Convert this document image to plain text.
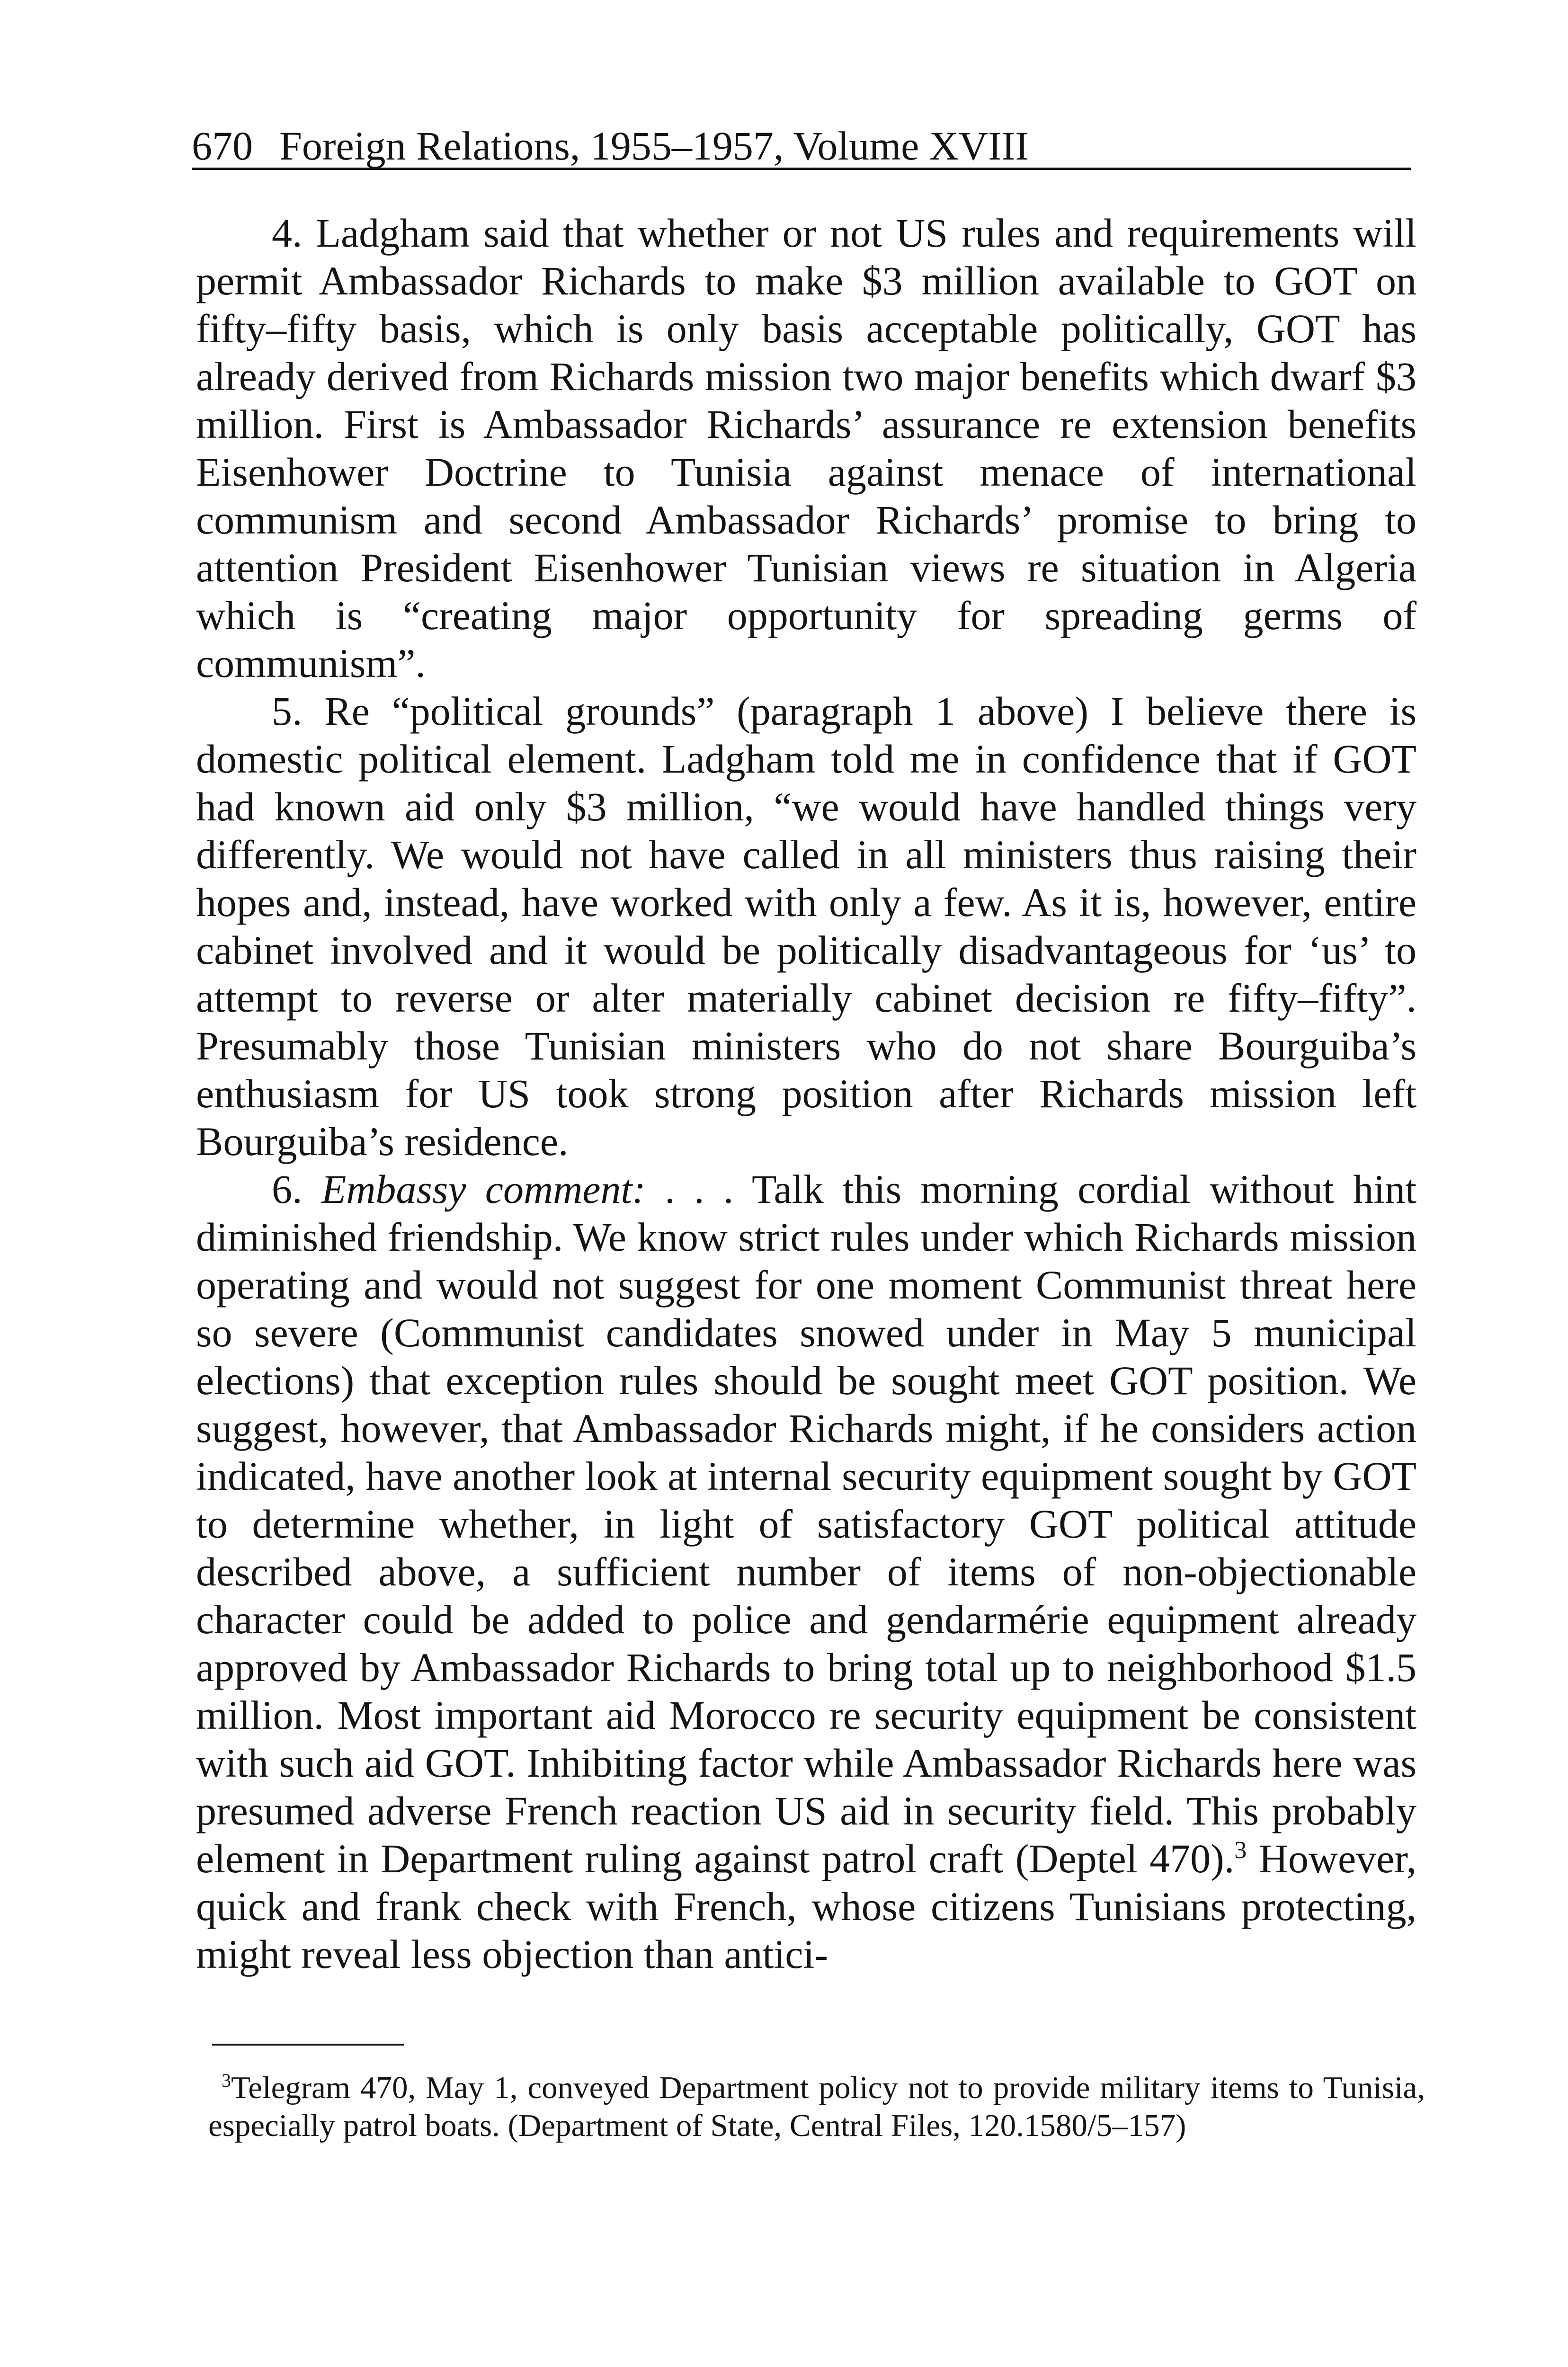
670 Foreign Relations, 1955–1957, Volume XVIII

4. Ladgham said that whether or not US rules and requirements will permit Ambassador Richards to make $3 million available to GOT on fifty–fifty basis, which is only basis acceptable politically, GOT has already derived from Richards mission two major benefits which dwarf $3 million. First is Ambassador Richards’ assurance re extension benefits Eisenhower Doctrine to Tunisia against menace of international communism and second Ambassador Richards’ promise to bring to attention President Eisenhower Tunisian views re situation in Algeria which is “creating major opportunity for spreading germs of communism”.

5. Re “political grounds” (paragraph 1 above) I believe there is domestic political element. Ladgham told me in confidence that if GOT had known aid only $3 million, “we would have handled things very differently. We would not have called in all ministers thus raising their hopes and, instead, have worked with only a few. As it is, however, entire cabinet involved and it would be politically disadvantageous for ‘us’ to attempt to reverse or alter materially cabinet decision re fifty–fifty”. Presumably those Tunisian ministers who do not share Bourguiba’s enthusiasm for US took strong position after Richards mission left Bourguiba’s residence.

6. Embassy comment: . . . Talk this morning cordial without hint diminished friendship. We know strict rules under which Richards mission operating and would not suggest for one moment Communist threat here so severe (Communist candidates snowed under in May 5 municipal elections) that exception rules should be sought meet GOT position. We suggest, however, that Ambassador Richards might, if he considers action indicated, have another look at internal security equipment sought by GOT to determine whether, in light of satisfactory GOT political attitude described above, a sufficient number of items of non-objectionable character could be added to police and gendarmérie equipment already approved by Ambassador Richards to bring total up to neighborhood $1.5 million. Most important aid Morocco re security equipment be consistent with such aid GOT. Inhibiting factor while Ambassador Richards here was presumed adverse French reaction US aid in security field. This probably element in Department ruling against patrol craft (Deptel 470).$^3$ However, quick and frank check with French, whose citizens Tunisians protecting, might reveal less objection than antici-

$^3$Telegram 470, May 1, conveyed Department policy not to provide military items to Tunisia, especially patrol boats. (Department of State, Central Files, 120.1580/5–157)
